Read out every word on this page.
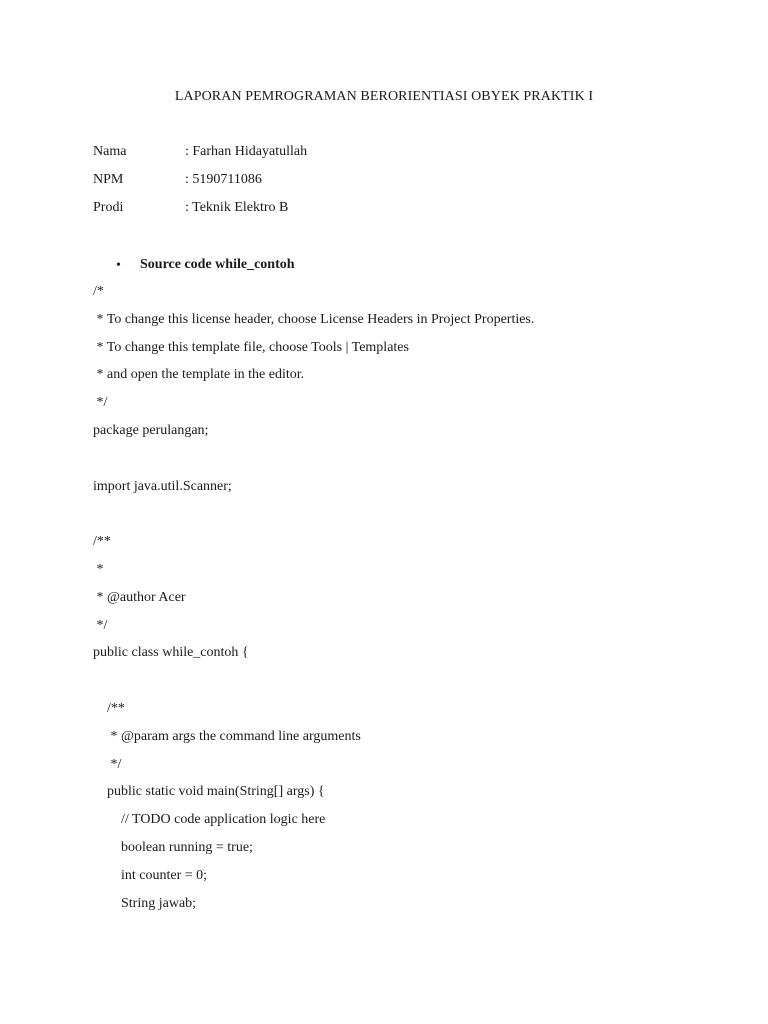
LAPORAN PEMROGRAMAN BERORIENTIASI OBYEK PRAKTIK I
Nama	: Farhan Hidayatullah
NPM	: 5190711086
Prodi	: Teknik Elektro B
• Source code while_contoh
/*
* To change this license header, choose License Headers in Project Properties.
* To change this template file, choose Tools | Templates
* and open the template in the editor.
*/
package perulangan;
import java.util.Scanner;
/**
*
* @author Acer
*/
public class while_contoh {
/**
* @param args the command line arguments
*/
public static void main(String[] args) {
// TODO code application logic here
boolean running = true;
int counter = 0;
String jawab;
